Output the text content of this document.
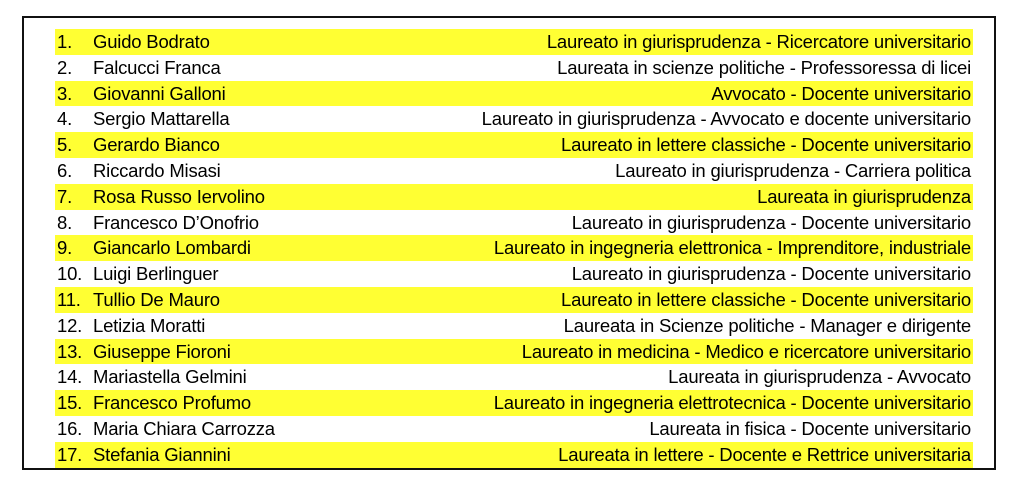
1.	Guido Bodrato	Laureato in giurisprudenza - Ricercatore universitario
2.	Falcucci Franca	Laureata in scienze politiche - Professoressa di licei
3.	Giovanni Galloni	Avvocato - Docente universitario
4.	Sergio Mattarella	Laureato in giurisprudenza - Avvocato e docente universitario
5.	Gerardo Bianco	Laureato in lettere classiche - Docente universitario
6.	Riccardo Misasi	Laureato in giurisprudenza - Carriera politica
7.	Rosa Russo Iervolino	Laureata in giurisprudenza
8.	Francesco D’Onofrio	Laureato in giurisprudenza - Docente universitario
9.	Giancarlo Lombardi	Laureato in ingegneria elettronica - Imprenditore, industriale
10. Luigi Berlinguer	Laureato in giurisprudenza - Docente universitario
11. Tullio De Mauro	Laureato in lettere classiche - Docente universitario
12. Letizia Moratti	Laureata in Scienze politiche - Manager e dirigente
13. Giuseppe Fioroni	Laureato in medicina - Medico e ricercatore universitario
14. Mariastella Gelmini	Laureata in giurisprudenza - Avvocato
15. Francesco Profumo	Laureato in ingegneria elettrotecnica - Docente universitario
16. Maria Chiara Carrozza	Laureata in fisica - Docente universitario
17. Stefania Giannini	Laureata in lettere - Docente e Rettrice universitaria
